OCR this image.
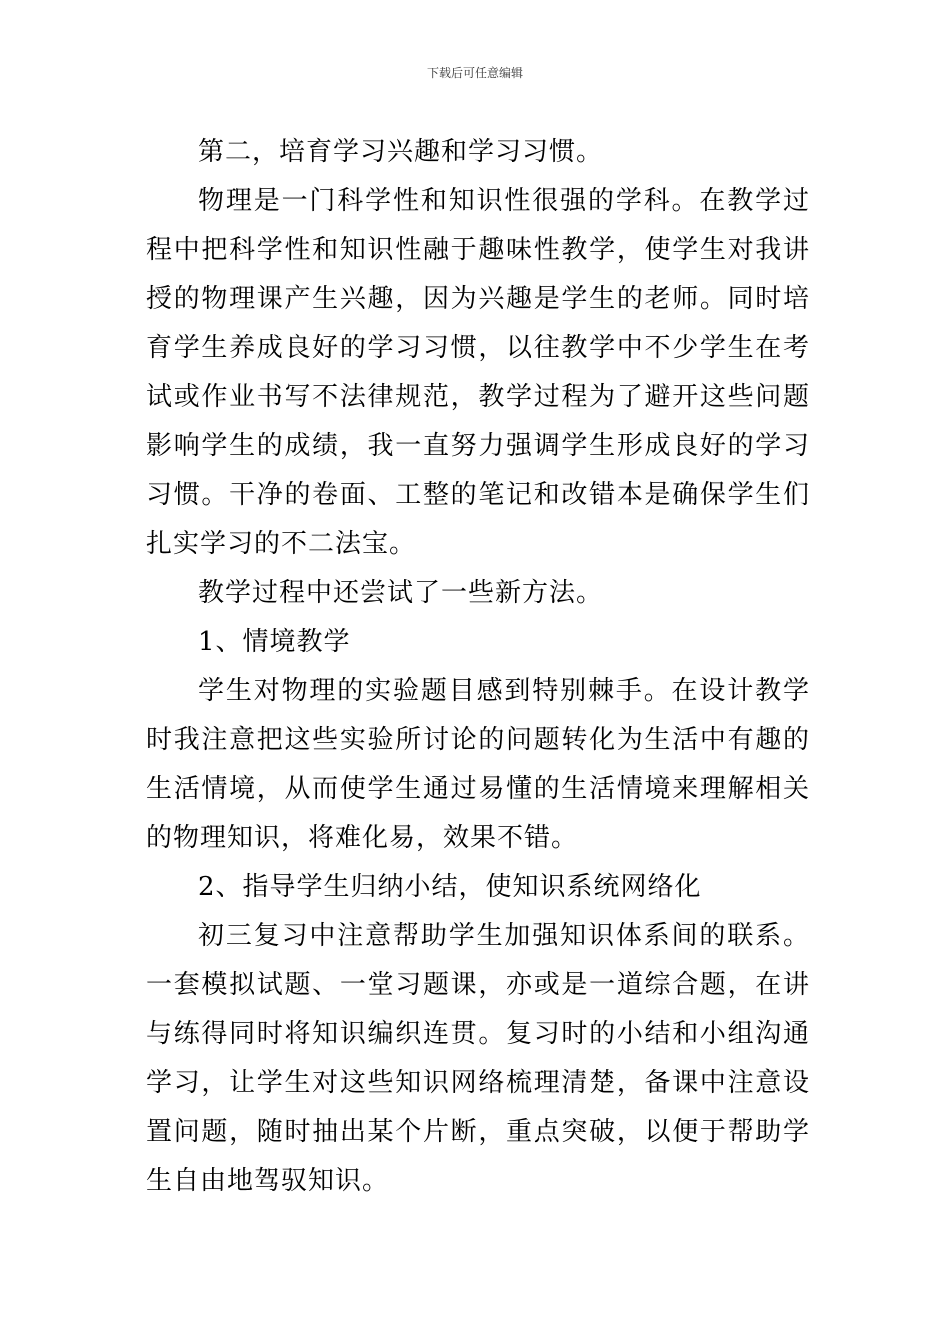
下载后可任意编辑

第二，培育学习兴趣和学习习惯。

物理是一门科学性和知识性很强的学科。在教学过程中把科学性和知识性融于趣味性教学，使学生对我讲授的物理课产生兴趣，因为兴趣是学生的老师。同时培育学生养成良好的学习习惯，以往教学中不少学生在考试或作业书写不法律规范，教学过程为了避开这些问题影响学生的成绩，我一直努力强调学生形成良好的学习习惯。干净的卷面、工整的笔记和改错本是确保学生们扎实学习的不二法宝。

教学过程中还尝试了一些新方法。

1、情境教学

学生对物理的实验题目感到特别棘手。在设计教学时我注意把这些实验所讨论的问题转化为生活中有趣的生活情境，从而使学生通过易懂的生活情境来理解相关的物理知识，将难化易，效果不错。

2、指导学生归纳小结，使知识系统网络化

初三复习中注意帮助学生加强知识体系间的联系。一套模拟试题、一堂习题课，亦或是一道综合题，在讲与练得同时将知识编织连贯。复习时的小结和小组沟通学习，让学生对这些知识网络梳理清楚，备课中注意设置问题，随时抽出某个片断，重点突破，以便于帮助学生自由地驾驭知识。
